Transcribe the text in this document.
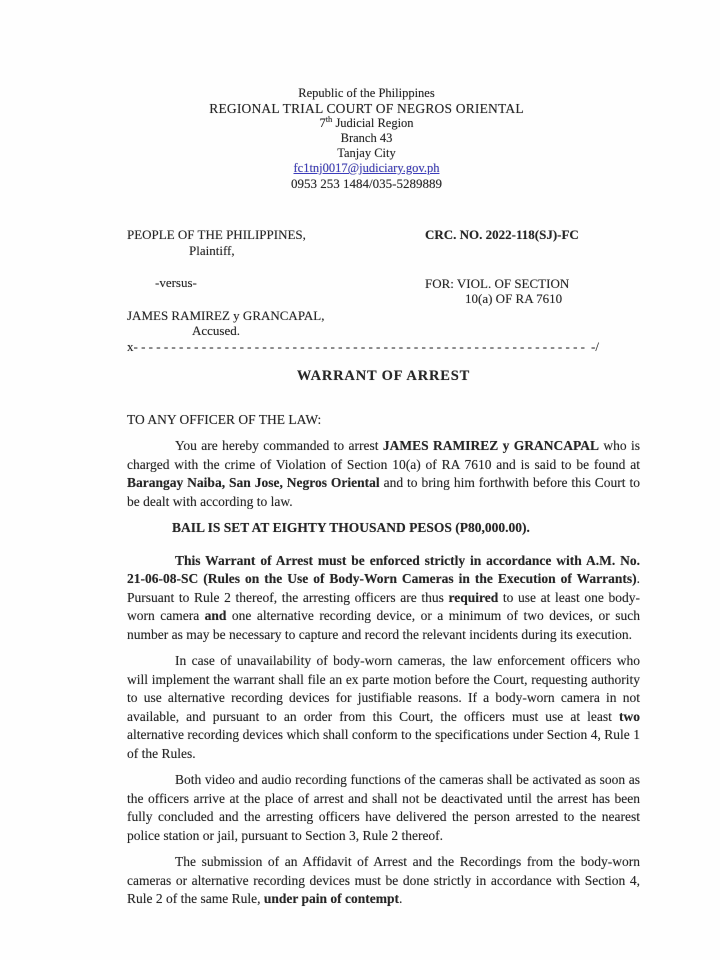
Republic of the Philippines
REGIONAL TRIAL COURT OF NEGROS ORIENTAL
7th Judicial Region
Branch 43
Tanjay City
fc1tnj0017@judiciary.gov.ph
0953 253 1484/035-5289889
PEOPLE OF THE PHILIPPINES,
Plaintiff,
-versus-
JAMES RAMIREZ y GRANCAPAL,
Accused.
CRC. NO. 2022-118(SJ)-FC
FOR: VIOL. OF SECTION
10(a) OF RA 7610
x - - - - - - - - - - - - - - - - - - - - - - - - - - - - - - - - - - - - - - - - - - - - - - - - - - - - - - - - - - - - -/
WARRANT OF ARREST
TO ANY OFFICER OF THE LAW:

You are hereby commanded to arrest JAMES RAMIREZ y GRANCAPAL who is charged with the crime of Violation of Section 10(a) of RA 7610 and is said to be found at Barangay Naiba, San Jose, Negros Oriental and to bring him forthwith before this Court to be dealt with according to law.

BAIL IS SET AT EIGHTY THOUSAND PESOS (P80,000.00).

This Warrant of Arrest must be enforced strictly in accordance with A.M. No. 21-06-08-SC (Rules on the Use of Body-Worn Cameras in the Execution of Warrants). Pursuant to Rule 2 thereof, the arresting officers are thus required to use at least one body-worn camera and one alternative recording device, or a minimum of two devices, or such number as may be necessary to capture and record the relevant incidents during its execution.

In case of unavailability of body-worn cameras, the law enforcement officers who will implement the warrant shall file an ex parte motion before the Court, requesting authority to use alternative recording devices for justifiable reasons. If a body-worn camera in not available, and pursuant to an order from this Court, the officers must use at least two alternative recording devices which shall conform to the specifications under Section 4, Rule 1 of the Rules.

Both video and audio recording functions of the cameras shall be activated as soon as the officers arrive at the place of arrest and shall not be deactivated until the arrest has been fully concluded and the arresting officers have delivered the person arrested to the nearest police station or jail, pursuant to Section 3, Rule 2 thereof.

The submission of an Affidavit of Arrest and the Recordings from the body-worn cameras or alternative recording devices must be done strictly in accordance with Section 4, Rule 2 of the same Rule, under pain of contempt.
